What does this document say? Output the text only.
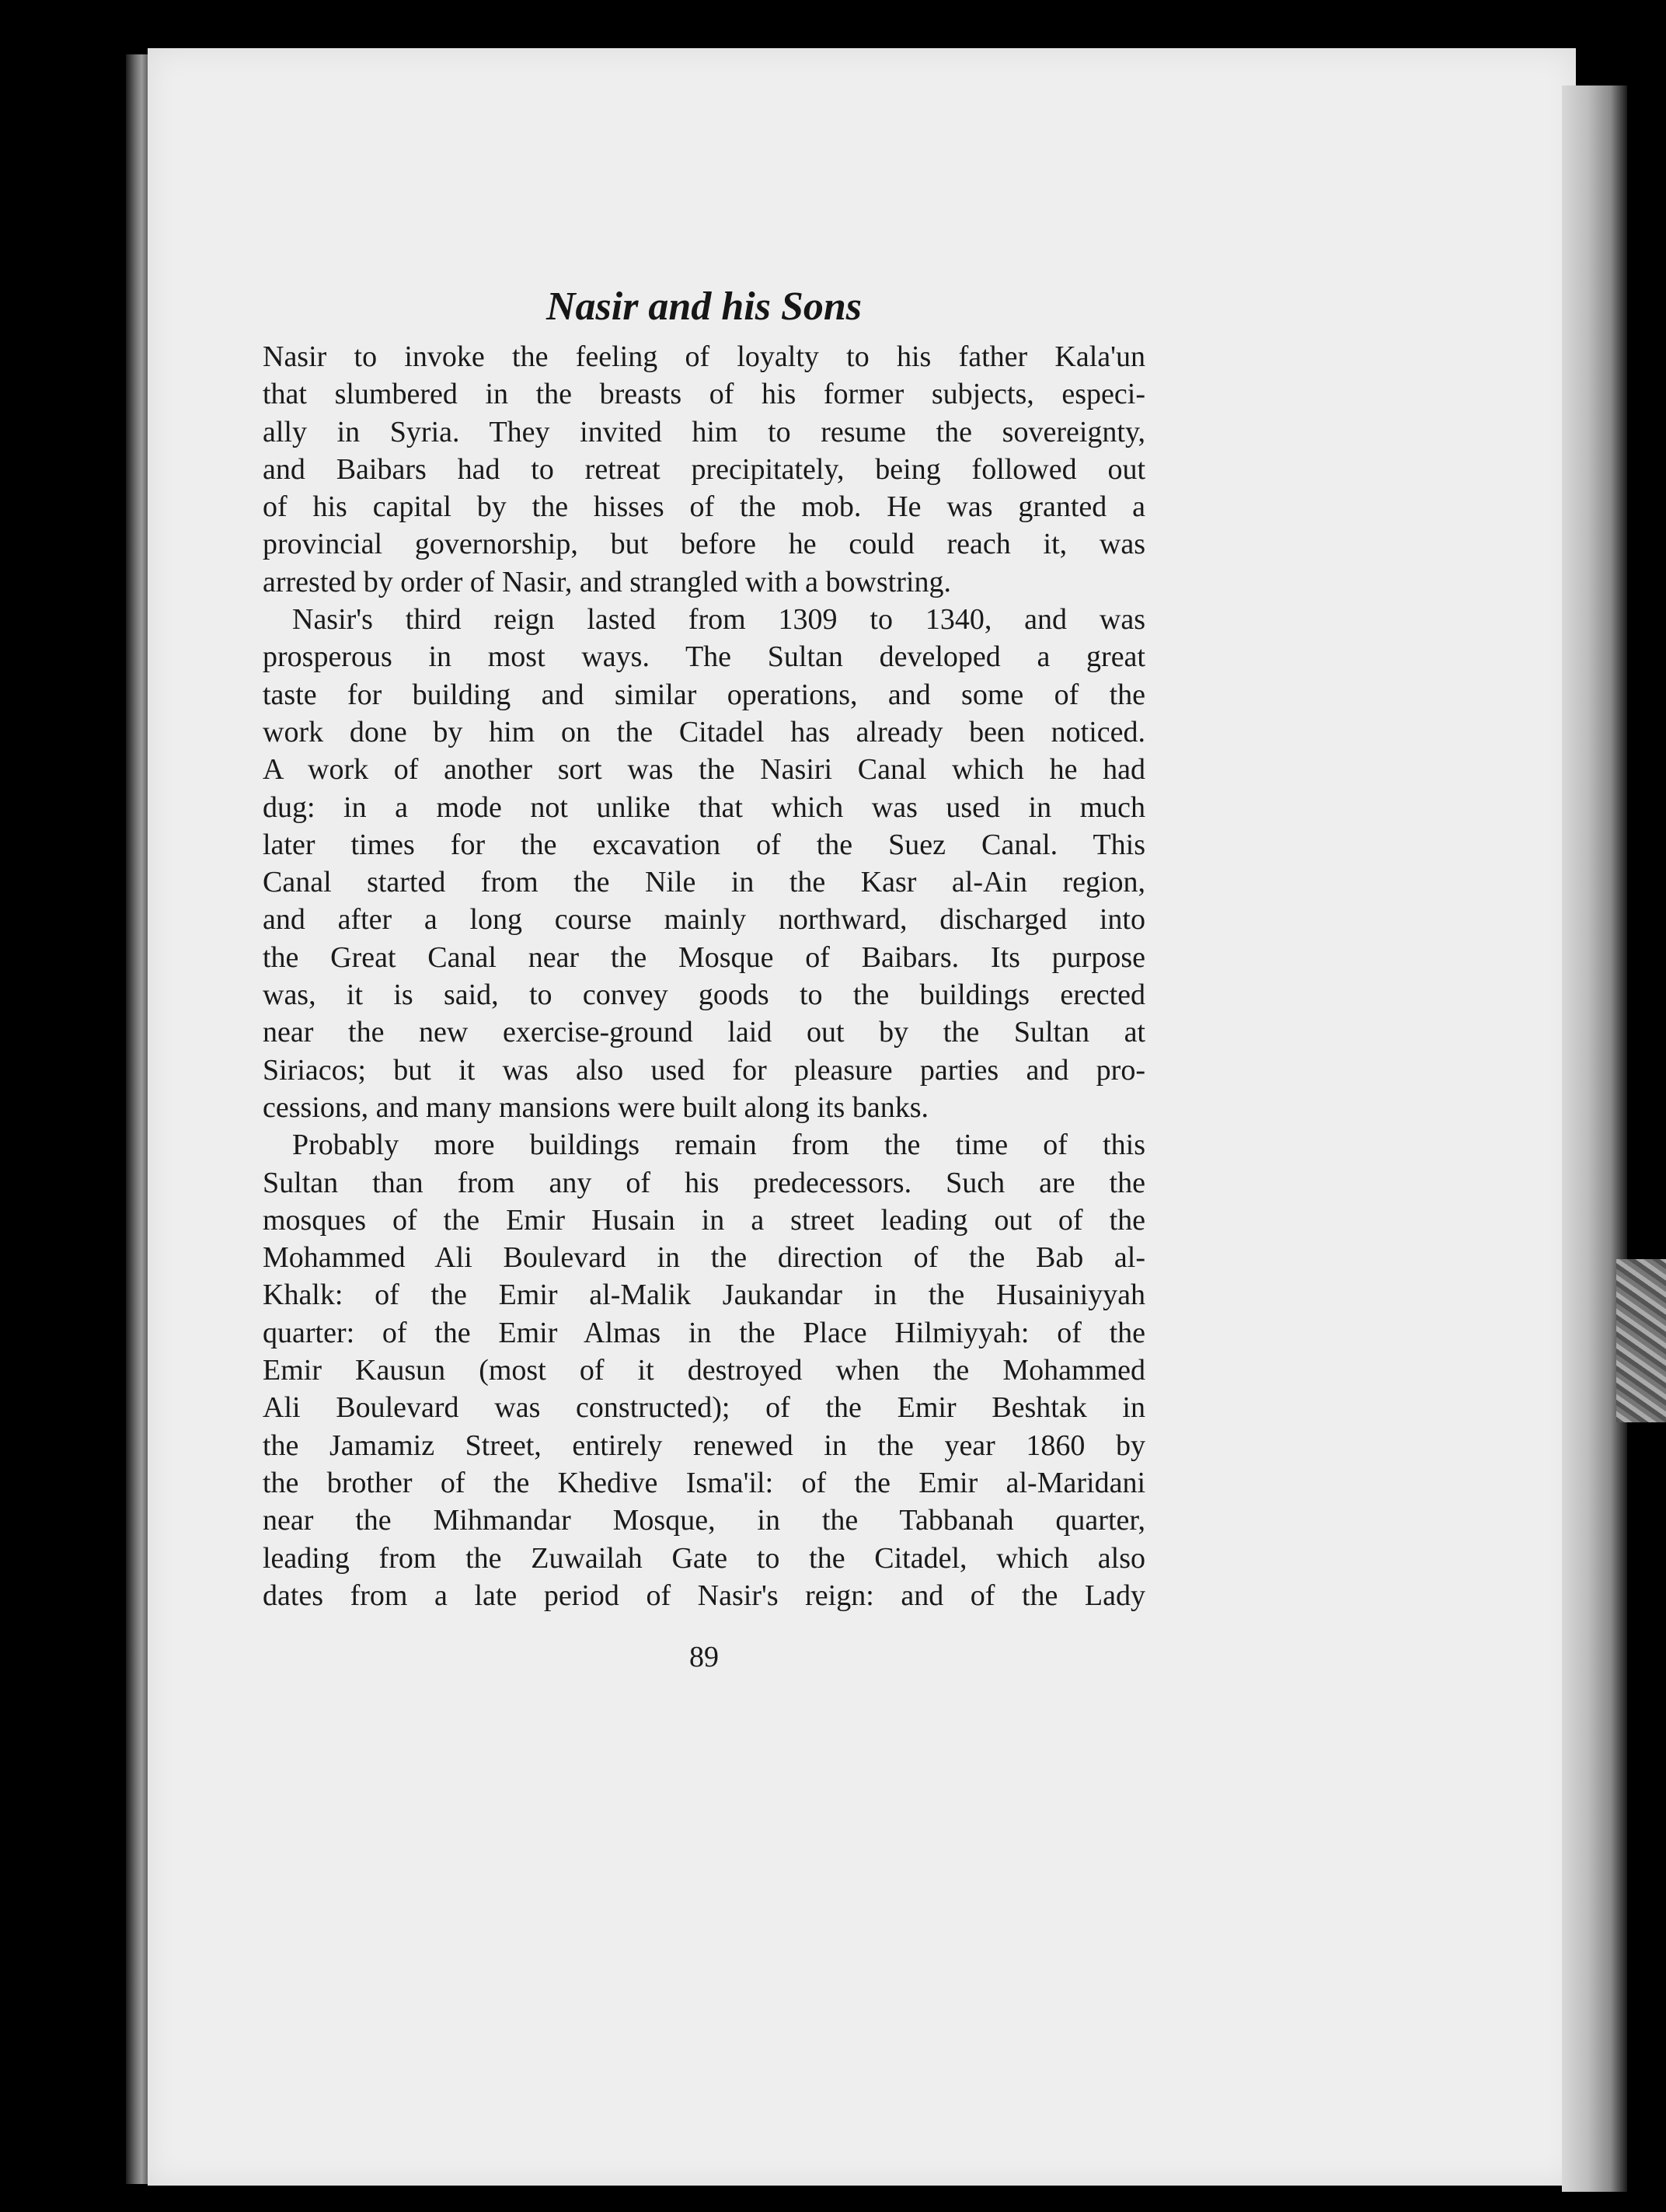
Nasir and his Sons

Nasir to invoke the feeling of loyalty to his father Kala'un
that slumbered in the breasts of his former subjects, especi-
ally in Syria. They invited him to resume the sovereignty,
and Baibars had to retreat precipitately, being followed out
of his capital by the hisses of the mob. He was granted a
provincial governorship, but before he could reach it, was
arrested by order of Nasir, and strangled with a bowstring.

Nasir's third reign lasted from 1309 to 1340, and was
prosperous in most ways. The Sultan developed a great
taste for building and similar operations, and some of the
work done by him on the Citadel has already been noticed.
A work of another sort was the Nasiri Canal which he had
dug: in a mode not unlike that which was used in much
later times for the excavation of the Suez Canal. This
Canal started from the Nile in the Kasr al-Ain region,
and after a long course mainly northward, discharged into
the Great Canal near the Mosque of Baibars. Its purpose
was, it is said, to convey goods to the buildings erected
near the new exercise-ground laid out by the Sultan at
Siriacos; but it was also used for pleasure parties and pro-
cessions, and many mansions were built along its banks.

Probably more buildings remain from the time of this
Sultan than from any of his predecessors. Such are the
mosques of the Emir Husain in a street leading out of the
Mohammed Ali Boulevard in the direction of the Bab al-
Khalk: of the Emir al-Malik Jaukandar in the Husainiyyah
quarter: of the Emir Almas in the Place Hilmiyyah: of the
Emir Kausun (most of it destroyed when the Mohammed
Ali Boulevard was constructed); of the Emir Beshtak in
the Jamamiz Street, entirely renewed in the year 1860 by
the brother of the Khedive Isma'il: of the Emir al-Maridani
near the Mihmandar Mosque, in the Tabbanah quarter,
leading from the Zuwailah Gate to the Citadel, which also
dates from a late period of Nasir's reign: and of the Lady

89
